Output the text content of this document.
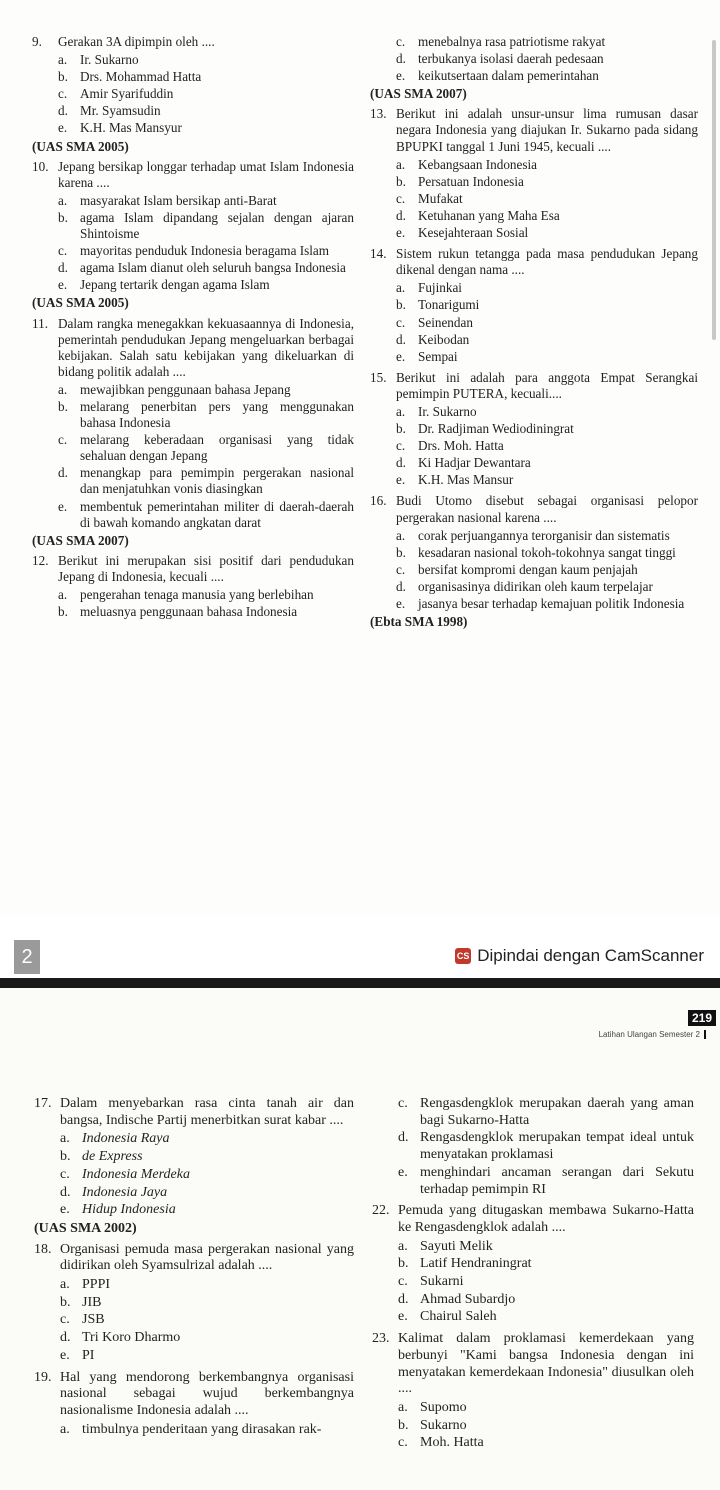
9.	Gerakan 3A dipimpin oleh ....
a. Ir. Sukarno
b. Drs. Mohammad Hatta
c. Amir Syarifuddin
d. Mr. Syamsudin
e. K.H. Mas Mansyur
(UAS SMA 2005)
10. Jepang bersikap longgar terhadap umat Islam Indonesia karena ....
a. masyarakat Islam bersikap anti-Barat
b. agama Islam dipandang sejalan dengan ajaran Shintoisme
c. mayoritas penduduk Indonesia beragama Islam
d. agama Islam dianut oleh seluruh bangsa Indonesia
e. Jepang tertarik dengan agama Islam
(UAS SMA 2005)
11. Dalam rangka menegakkan kekuasaannya di Indonesia, pemerintah pendudukan Jepang mengeluarkan berbagai kebijakan. Salah satu kebijakan yang dikeluarkan di bidang politik adalah ....
a. mewajibkan penggunaan bahasa Jepang
b. melarang penerbitan pers yang menggunakan bahasa Indonesia
c. melarang keberadaan organisasi yang tidak sehaluan dengan Jepang
d. menangkap para pemimpin pergerakan nasional dan menjatuhkan vonis diasingkan
e. membentuk pemerintahan militer di daerah-daerah di bawah komando angkatan darat
(UAS SMA 2007)
12. Berikut ini merupakan sisi positif dari pendudukan Jepang di Indonesia, kecuali ....
a. pengerahan tenaga manusia yang berlebihan
b. meluasnya penggunaan bahasa Indonesia
c. menebalnya rasa patriotisme rakyat
d. terbukanya isolasi daerah pedesaan
e. keikutsertaan dalam pemerintahan
(UAS SMA 2007)
13. Berikut ini adalah unsur-unsur lima rumusan dasar negara Indonesia yang diajukan Ir. Sukarno pada sidang BPUPKI tanggal 1 Juni 1945, kecuali ....
a. Kebangsaan Indonesia
b. Persatuan Indonesia
c. Mufakat
d. Ketuhanan yang Maha Esa
e. Kesejahteraan Sosial
14. Sistem rukun tetangga pada masa pendudukan Jepang dikenal dengan nama ....
a. Fujinkai
b. Tonarigumi
c. Seinendan
d. Keibodan
e. Sempai
15. Berikut ini adalah para anggota Empat Serangkai pemimpin PUTERA, kecuali....
a. Ir. Sukarno
b. Dr. Radjiman Wediodiningrat
c. Drs. Moh. Hatta
d. Ki Hadjar Dewantara
e. K.H. Mas Mansur
16. Budi Utomo disebut sebagai organisasi pelopor pergerakan nasional karena ....
a. corak perjuangannya terorganisir dan sistematis
b. kesadaran nasional tokoh-tokohnya sangat tinggi
c. bersifat kompromi dengan kaum penjajah
d. organisasinya didirikan oleh kaum terpelajar
e. jasanya besar terhadap kemajuan politik Indonesia
(Ebta SMA 1998)
2	CS Dipindai dengan CamScanner
219
Latihan Ulangan Semester 2
17. Dalam menyebarkan rasa cinta tanah air dan bangsa, Indische Partij menerbitkan surat kabar ....
a. Indonesia Raya
b. de Express
c. Indonesia Merdeka
d. Indonesia Jaya
e. Hidup Indonesia
(UAS SMA 2002)
18. Organisasi pemuda masa pergerakan nasional yang didirikan oleh Syamsulrizal adalah ....
a. PPPI
b. JIB
c. JSB
d. Tri Koro Dharmo
e. PI
19. Hal yang mendorong berkembangnya organisasi nasional sebagai wujud berkembangnya nasionalisme Indonesia adalah ....
a. timbulnya penderitaan yang dirasakan rak-
c. Rengasdengklok merupakan daerah yang aman bagi Sukarno-Hatta
d. Rengasdengklok merupakan tempat ideal untuk menyatakan proklamasi
e. menghindari ancaman serangan dari Sekutu terhadap pemimpin RI
22. Pemuda yang ditugaskan membawa Sukarno-Hatta ke Rengasdengklok adalah ....
a. Sayuti Melik
b. Latif Hendraningrat
c. Sukarni
d. Ahmad Subardjo
e. Chairul Saleh
23. Kalimat dalam proklamasi kemerdekaan yang berbunyi "Kami bangsa Indonesia dengan ini menyatakan kemerdekaan Indonesia" diusulkan oleh ....
a. Supomo
b. Sukarno
c. Moh. Hatta
